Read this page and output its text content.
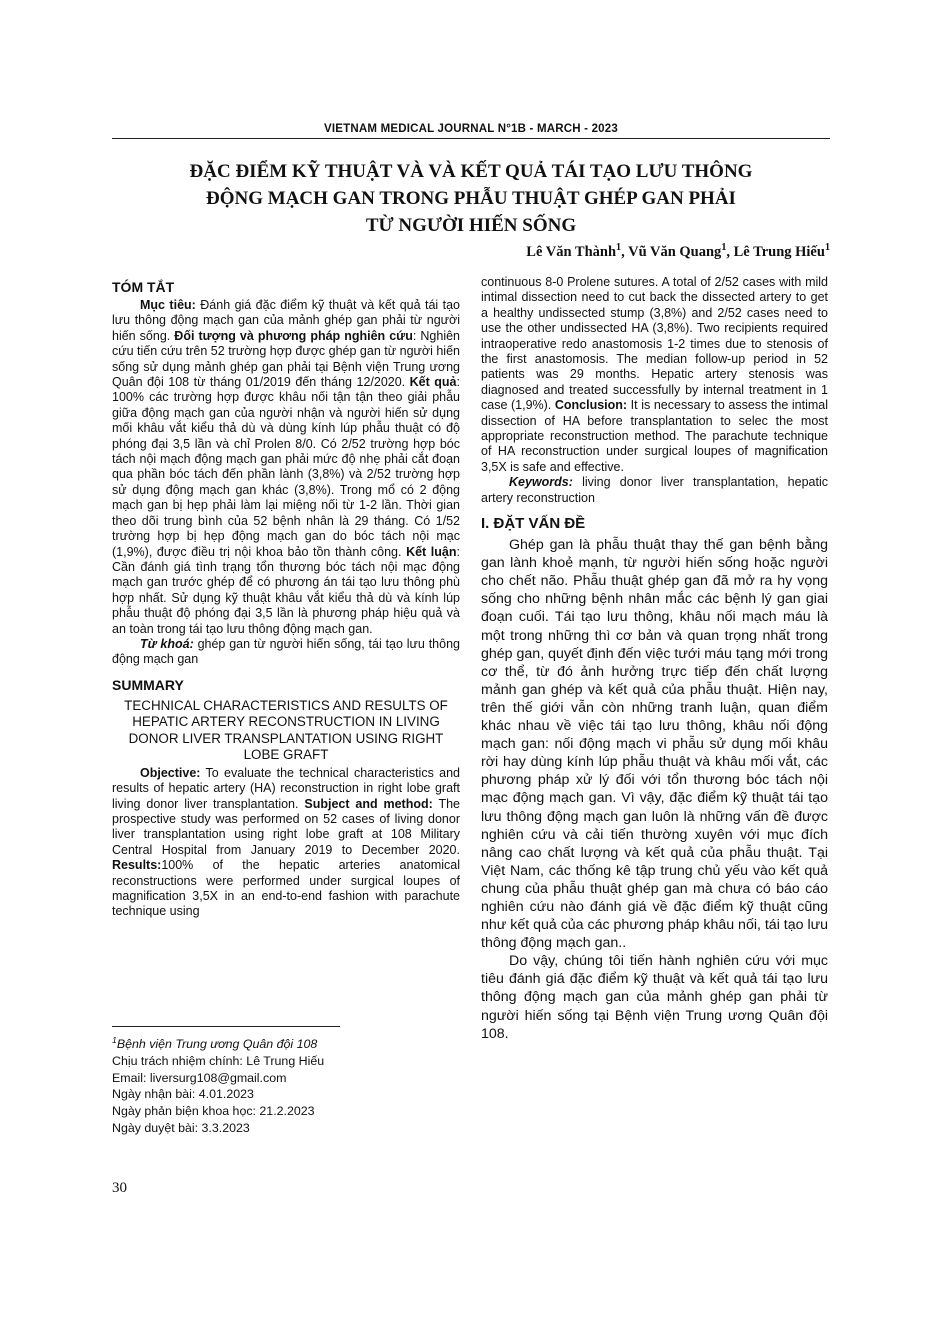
VIETNAM MEDICAL JOURNAL N°1B - MARCH - 2023
ĐẶC ĐIỂM KỸ THUẬT VÀ VÀ KẾT QUẢ TÁI TẠO LƯU THÔNG
ĐỘNG MẠCH GAN TRONG PHẪU THUẬT GHÉP GAN PHẢI
TỪ NGƯỜI HIẾN SỐNG
Lê Văn Thành$^1$, Vũ Văn Quang$^1$, Lê Trung Hiếu$^1$
TÓM TẮT

Mục tiêu: Đánh giá đặc điểm kỹ thuật và kết quả tái tạo lưu thông động mạch gan của mảnh ghép gan phải từ người hiến sống. Đối tượng và phương pháp nghiên cứu: Nghiên cứu tiến cứu trên 52 trường hợp được ghép gan từ người hiến sống sử dụng mảnh ghép gan phải tại Bệnh viện Trung ương Quân đội 108 từ tháng 01/2019 đến tháng 12/2020. Kết quả: 100% các trường hợp được khâu nối tận tận theo giải phẫu giữa động mạch gan của người nhận và người hiến sử dụng mối khâu vắt kiểu thả dù và dùng kính lúp phẫu thuật có độ phóng đại 3,5 lần và chỉ Prolen 8/0. Có 2/52 trường hợp bóc tách nội mạch động mạch gan phải mức độ nhẹ phải cắt đoạn qua phần bóc tách đến phần lành (3,8%) và 2/52 trường hợp sử dụng động mạch gan khác (3,8%). Trong mổ có 2 động mạch gan bị hẹp phải làm lại miệng nối từ 1-2 lần. Thời gian theo dõi trung bình của 52 bệnh nhân là 29 tháng. Có 1/52 trường hợp bị hẹp động mạch gan do bóc tách nội mạc (1,9%), được điều trị nội khoa bảo tồn thành công. Kết luận: Cần đánh giá tình trạng tổn thương bóc tách nội mạc động mạch gan trước ghép để có phương án tái tạo lưu thông phù hợp nhất. Sử dụng kỹ thuật khâu vắt kiểu thả dù và kính lúp phẫu thuật độ phóng đại 3,5 lần là phương pháp hiệu quả và an toàn trong tái tạo lưu thông động mạch gan.

Từ khoá: ghép gan từ người hiến sống, tái tạo lưu thông động mạch gan

SUMMARY
TECHNICAL CHARACTERISTICS AND RESULTS OF HEPATIC ARTERY RECONSTRUCTION IN LIVING DONOR LIVER TRANSPLANTATION USING RIGHT LOBE GRAFT

Objective: To evaluate the technical characteristics and results of hepatic artery (HA) reconstruction in right lobe graft living donor liver transplantation. Subject and method: The prospective study was performed on 52 cases of living donor liver transplantation using right lobe graft at 108 Military Central Hospital from January 2019 to December 2020. Results:100% of the hepatic arteries anatomical reconstructions were performed under surgical loupes of magnification 3,5X in an end-to-end fashion with parachute technique using

continuous 8-0 Prolene sutures. A total of 2/52 cases with mild intimal dissection need to cut back the dissected artery to get a healthy undissected stump (3,8%) and 2/52 cases need to use the other undissected HA (3,8%). Two recipients required intraoperative redo anastomosis 1-2 times due to stenosis of the first anastomosis. The median follow-up period in 52 patients was 29 months. Hepatic artery stenosis was diagnosed and treated successfully by internal treatment in 1 case (1,9%). Conclusion: It is necessary to assess the intimal dissection of HA before transplantation to selec the most appropriate reconstruction method. The parachute technique of HA reconstruction under surgical loupes of magnification 3,5X is safe and effective.

Keywords: living donor liver transplantation, hepatic artery reconstruction

I. ĐẶT VẤN ĐỀ

Ghép gan là phẫu thuật thay thế gan bệnh bằng gan lành khoẻ mạnh, từ người hiến sống hoặc người cho chết não. Phẫu thuật ghép gan đã mở ra hy vọng sống cho những bệnh nhân mắc các bệnh lý gan giai đoạn cuối. Tái tạo lưu thông, khâu nối mạch máu là một trong những thì cơ bản và quan trọng nhất trong ghép gan, quyết định đến việc tưới máu tạng mới trong cơ thể, từ đó ảnh hưởng trực tiếp đến chất lượng mảnh gan ghép và kết quả của phẫu thuật. Hiện nay, trên thế giới vẫn còn những tranh luận, quan điểm khác nhau về việc tái tạo lưu thông, khâu nối động mạch gan: nối động mạch vi phẫu sử dụng mối khâu rời hay dùng kính lúp phẫu thuật và khâu mối vắt, các phương pháp xử lý đối với tổn thương bóc tách nội mạc động mạch gan. Vì vậy, đặc điểm kỹ thuật tái tạo lưu thông động mạch gan luôn là những vấn đề được nghiên cứu và cải tiến thường xuyên với mục đích nâng cao chất lượng và kết quả của phẫu thuật. Tại Việt Nam, các thống kê tập trung chủ yếu vào kết quả chung của phẫu thuật ghép gan mà chưa có báo cáo nghiên cứu nào đánh giá về đặc điểm kỹ thuật cũng như kết quả của các phương pháp khâu nối, tái tạo lưu thông động mạch gan..

Do vậy, chúng tôi tiến hành nghiên cứu với mục tiêu đánh giá đặc điểm kỹ thuật và kết quả tái tạo lưu thông động mạch gan của mảnh ghép gan phải từ người hiến sống tại Bệnh viện Trung ương Quân đội 108.

$^1$Bệnh viện Trung ương Quân đội 108
Chịu trách nhiệm chính: Lê Trung Hiếu
Email: liversurg108@gmail.com
Ngày nhận bài: 4.01.2023
Ngày phản biện khoa học: 21.2.2023
Ngày duyệt bài: 3.3.2023
30
